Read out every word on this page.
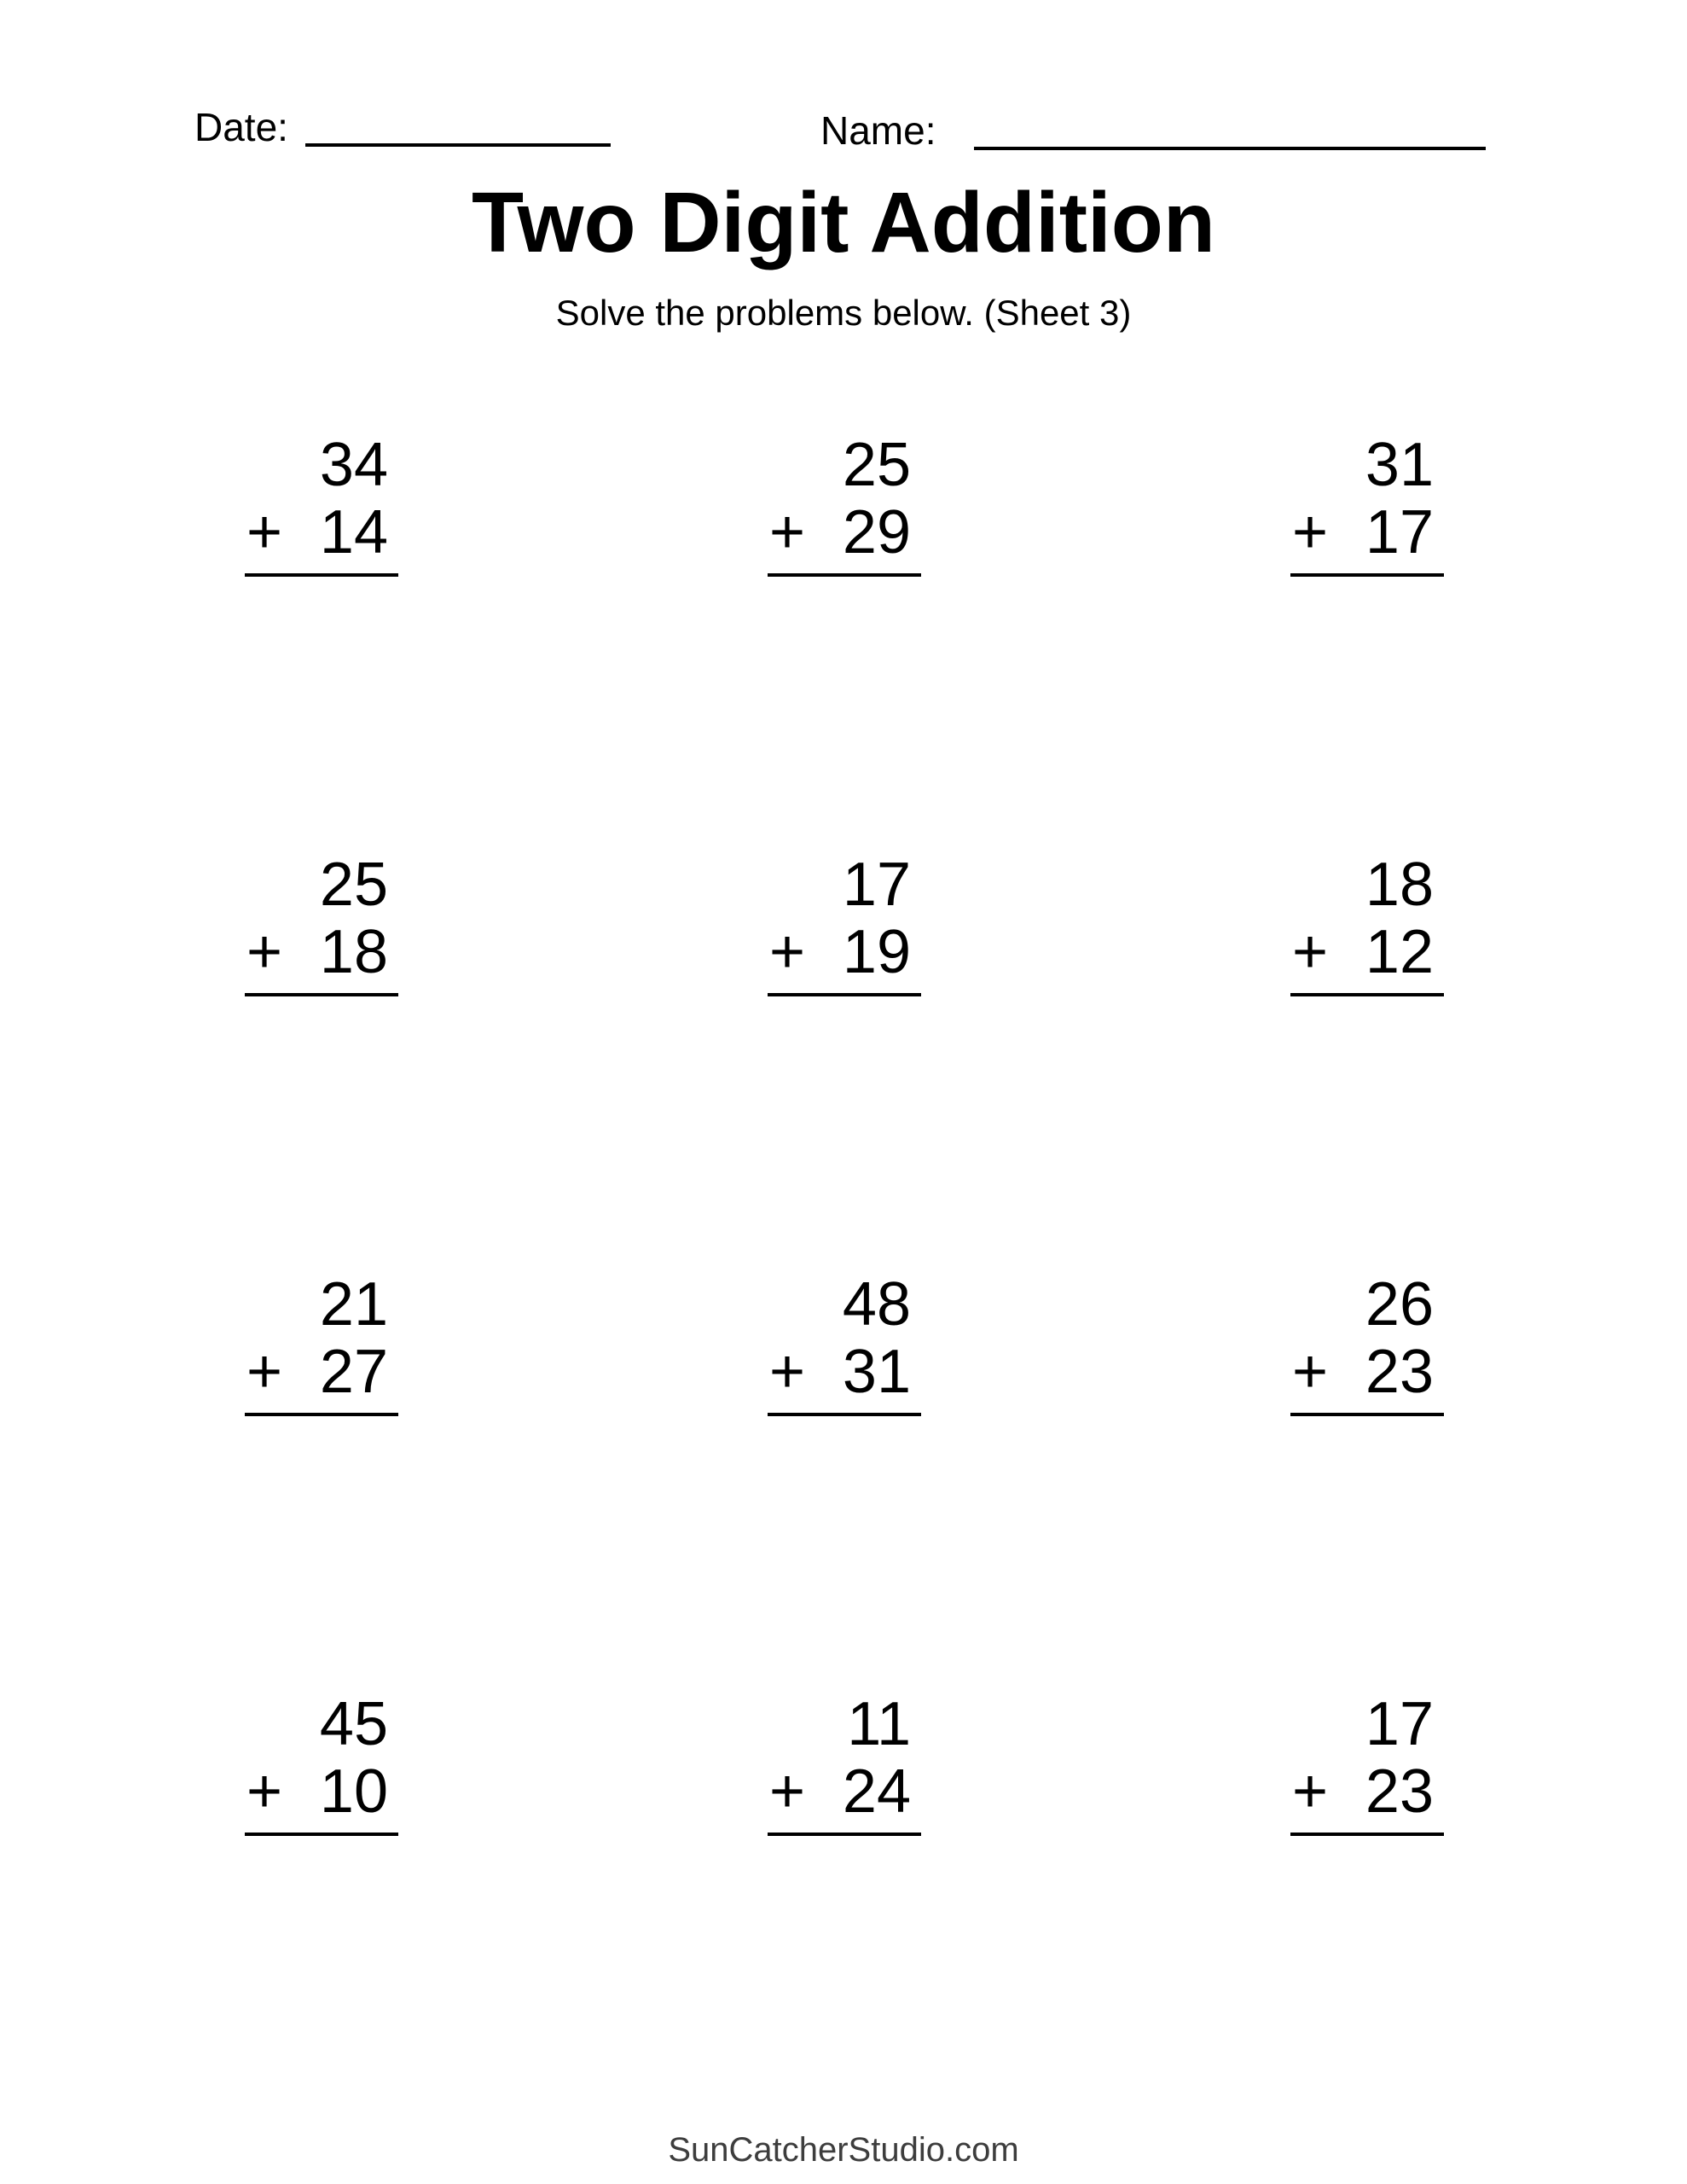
Date:	Name:
Two Digit Addition
Solve the problems below. (Sheet 3)
34
+ 14
25
+ 29
31
+ 17
25
+ 18
17
+ 19
18
+ 12
21
+ 27
48
+ 31
26
+ 23
45
+ 10
11
+ 24
17
+ 23
SunCatcherStudio.com
